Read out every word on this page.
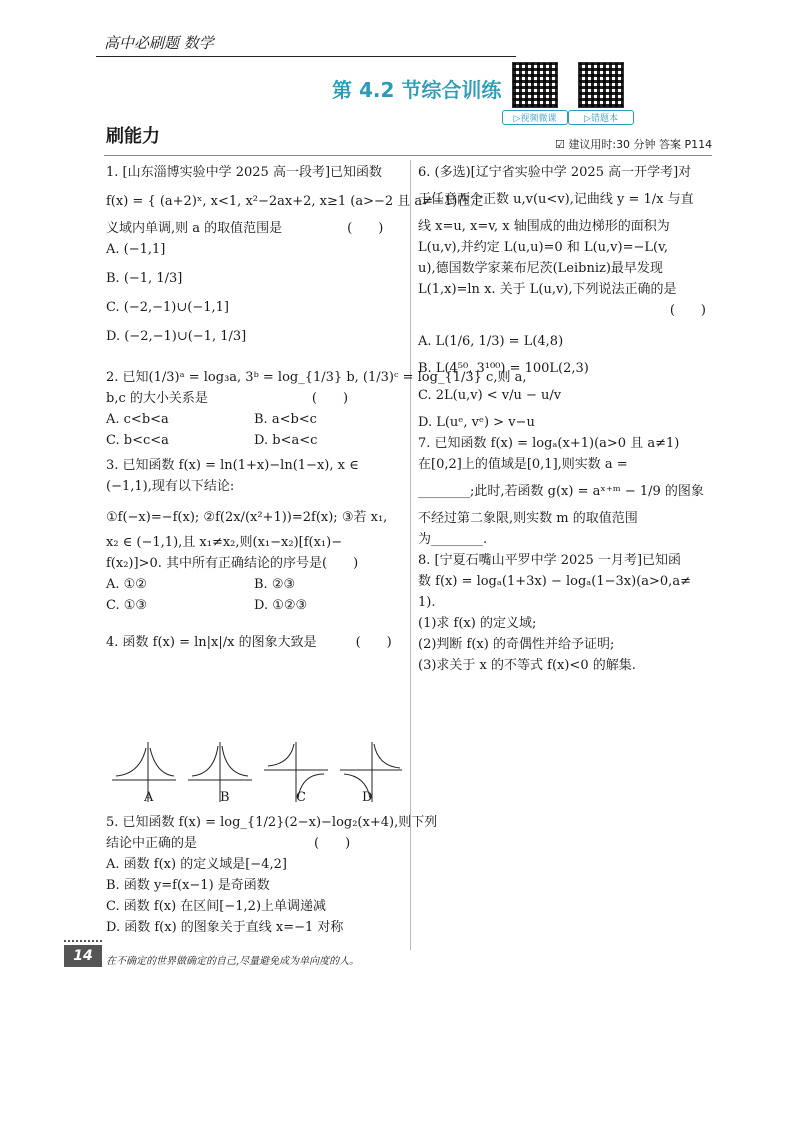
高中必刷题 数学
第 4.2 节综合训练
▷视频微课	▷错题本
刷能力	☑ 建议用时:30 分钟 答案 P114

1. [山东淄博实验中学 2025 高一段考]已知函数

f(x) = { (a+2)ˣ, x<1, x²−2ax+2, x≥1 (a>−2 且 a≠−1)在定

义域内单调,则 a 的取值范围是　　　　　(　　)

A. (−1,1]

B. (−1, 1/3]

C. (−2,−1)∪(−1,1]

D. (−2,−1)∪(−1, 1/3]

2. 已知(1/3)ᵃ = log₃a, 3ᵇ = log_{1/3} b, (1/3)ᶜ = log_{1/3} c,则 a,

b,c 的大小关系是　　　　　　　　(　　)

A. c<b<a	B. a<b<c
C. b<c<a	D. b<a<c

3. 已知函数 f(x) = ln(1+x)−ln(1−x), x ∈

(−1,1),现有以下结论:

①f(−x)=−f(x); ②f(2x/(x²+1))=2f(x); ③若 x₁,

x₂ ∈ (−1,1),且 x₁≠x₂,则(x₁−x₂)[f(x₁)−

f(x₂)]>0. 其中所有正确结论的序号是(　　)

A. ①②	B. ②③
C. ①③	D. ①②③

4. 函数 f(x) = ln|x|/x 的图象大致是　　　(　　)

A	B	C	D

5. 已知函数 f(x) = log_{1/2}(2−x)−log₂(x+4),则下列

结论中正确的是　　　　　　　　　(　　)

A. 函数 f(x) 的定义域是[−4,2]

B. 函数 y=f(x−1) 是奇函数

C. 函数 f(x) 在区间[−1,2)上单调递减

D. 函数 f(x) 的图象关于直线 x=−1 对称

6. (多选)[辽宁省实验中学 2025 高一开学考]对

于任意两个正数 u,v(u<v),记曲线 y = 1/x 与直

线 x=u, x=v, x 轴围成的曲边梯形的面积为

L(u,v),并约定 L(u,u)=0 和 L(u,v)=−L(v,

u),德国数学家莱布尼茨(Leibniz)最早发现

L(1,x)=ln x. 关于 L(u,v),下列说法正确的是

(　　)

A. L(1/6, 1/3) = L(4,8)

B. L(4⁵⁰, 3¹⁰⁰) = 100L(2,3)

C. 2L(u,v) < v/u − u/v

D. L(uᵉ, vᵉ) > v−u

7. 已知函数 f(x) = logₐ(x+1)(a>0 且 a≠1)

在[0,2]上的值域是[0,1],则实数 a =

________;此时,若函数 g(x) = aˣ⁺ᵐ − 1/9 的图象

不经过第二象限,则实数 m 的取值范围

为________.

8. [宁夏石嘴山平罗中学 2025 一月考]已知函

数 f(x) = logₐ(1+3x) − logₐ(1−3x)(a>0,a≠

1).

(1)求 f(x) 的定义域;

(2)判断 f(x) 的奇偶性并给予证明;

(3)求关于 x 的不等式 f(x)<0 的解集.

14	在不确定的世界做确定的自己,尽量避免成为单向度的人。
